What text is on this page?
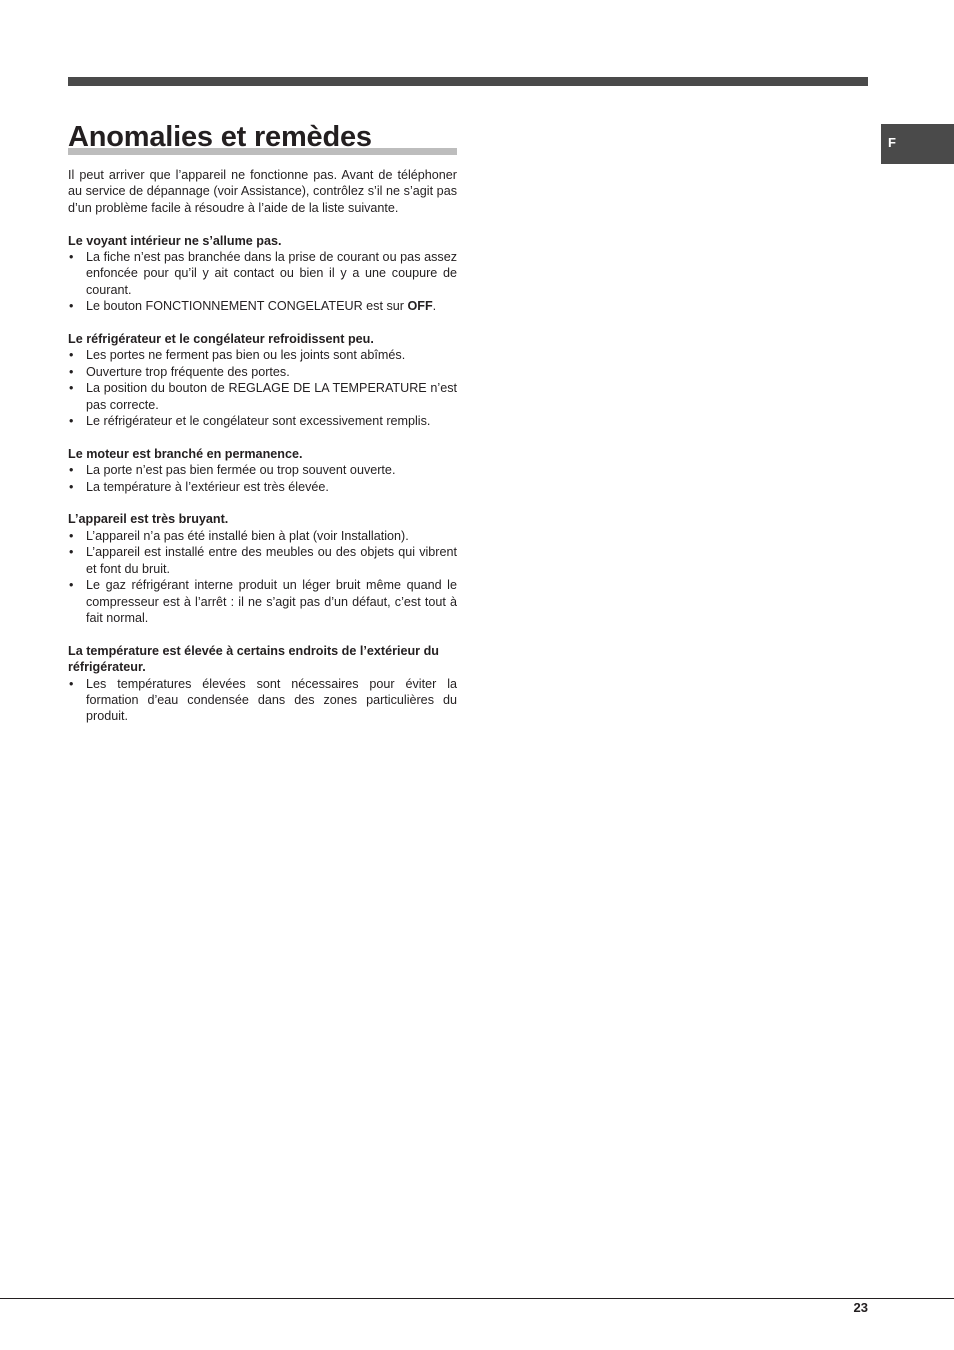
Anomalies et remèdes	F

Il peut arriver que l’appareil ne fonctionne pas. Avant de téléphoner au service de dépannage (voir Assistance), contrôlez s’il ne s’agit pas d’un problème facile à résoudre à l’aide de la liste suivante.

Le voyant intérieur ne s’allume pas.

• La fiche n’est pas branchée dans la prise de courant ou pas assez enfoncée pour qu’il y ait contact ou bien il y a une coupure de courant.
• Le bouton FONCTIONNEMENT CONGELATEUR est sur OFF.

Le réfrigérateur et le congélateur refroidissent peu.

• Les portes ne ferment pas bien ou les joints sont abîmés.
• Ouverture trop fréquente des portes.
• La position du bouton de REGLAGE DE LA TEMPERATURE n’est pas correcte.
• Le réfrigérateur et le congélateur sont excessivement remplis.

Le moteur est branché en permanence.

• La porte n’est pas bien fermée ou trop souvent ouverte.
• La température à l’extérieur est très élevée.

L’appareil est très bruyant.

• L’appareil n’a pas été installé bien à plat (voir Installation).
• L’appareil est installé entre des meubles ou des objets qui vibrent et font du bruit.
• Le gaz réfrigérant interne produit un léger bruit même quand le compresseur est à l’arrêt : il ne s’agit pas d’un défaut, c’est tout à fait normal.

La température est élevée à certains endroits de l’extérieur du réfrigérateur.

• Les températures élevées sont nécessaires pour éviter la formation d’eau condensée dans des zones particulières du produit.
23
